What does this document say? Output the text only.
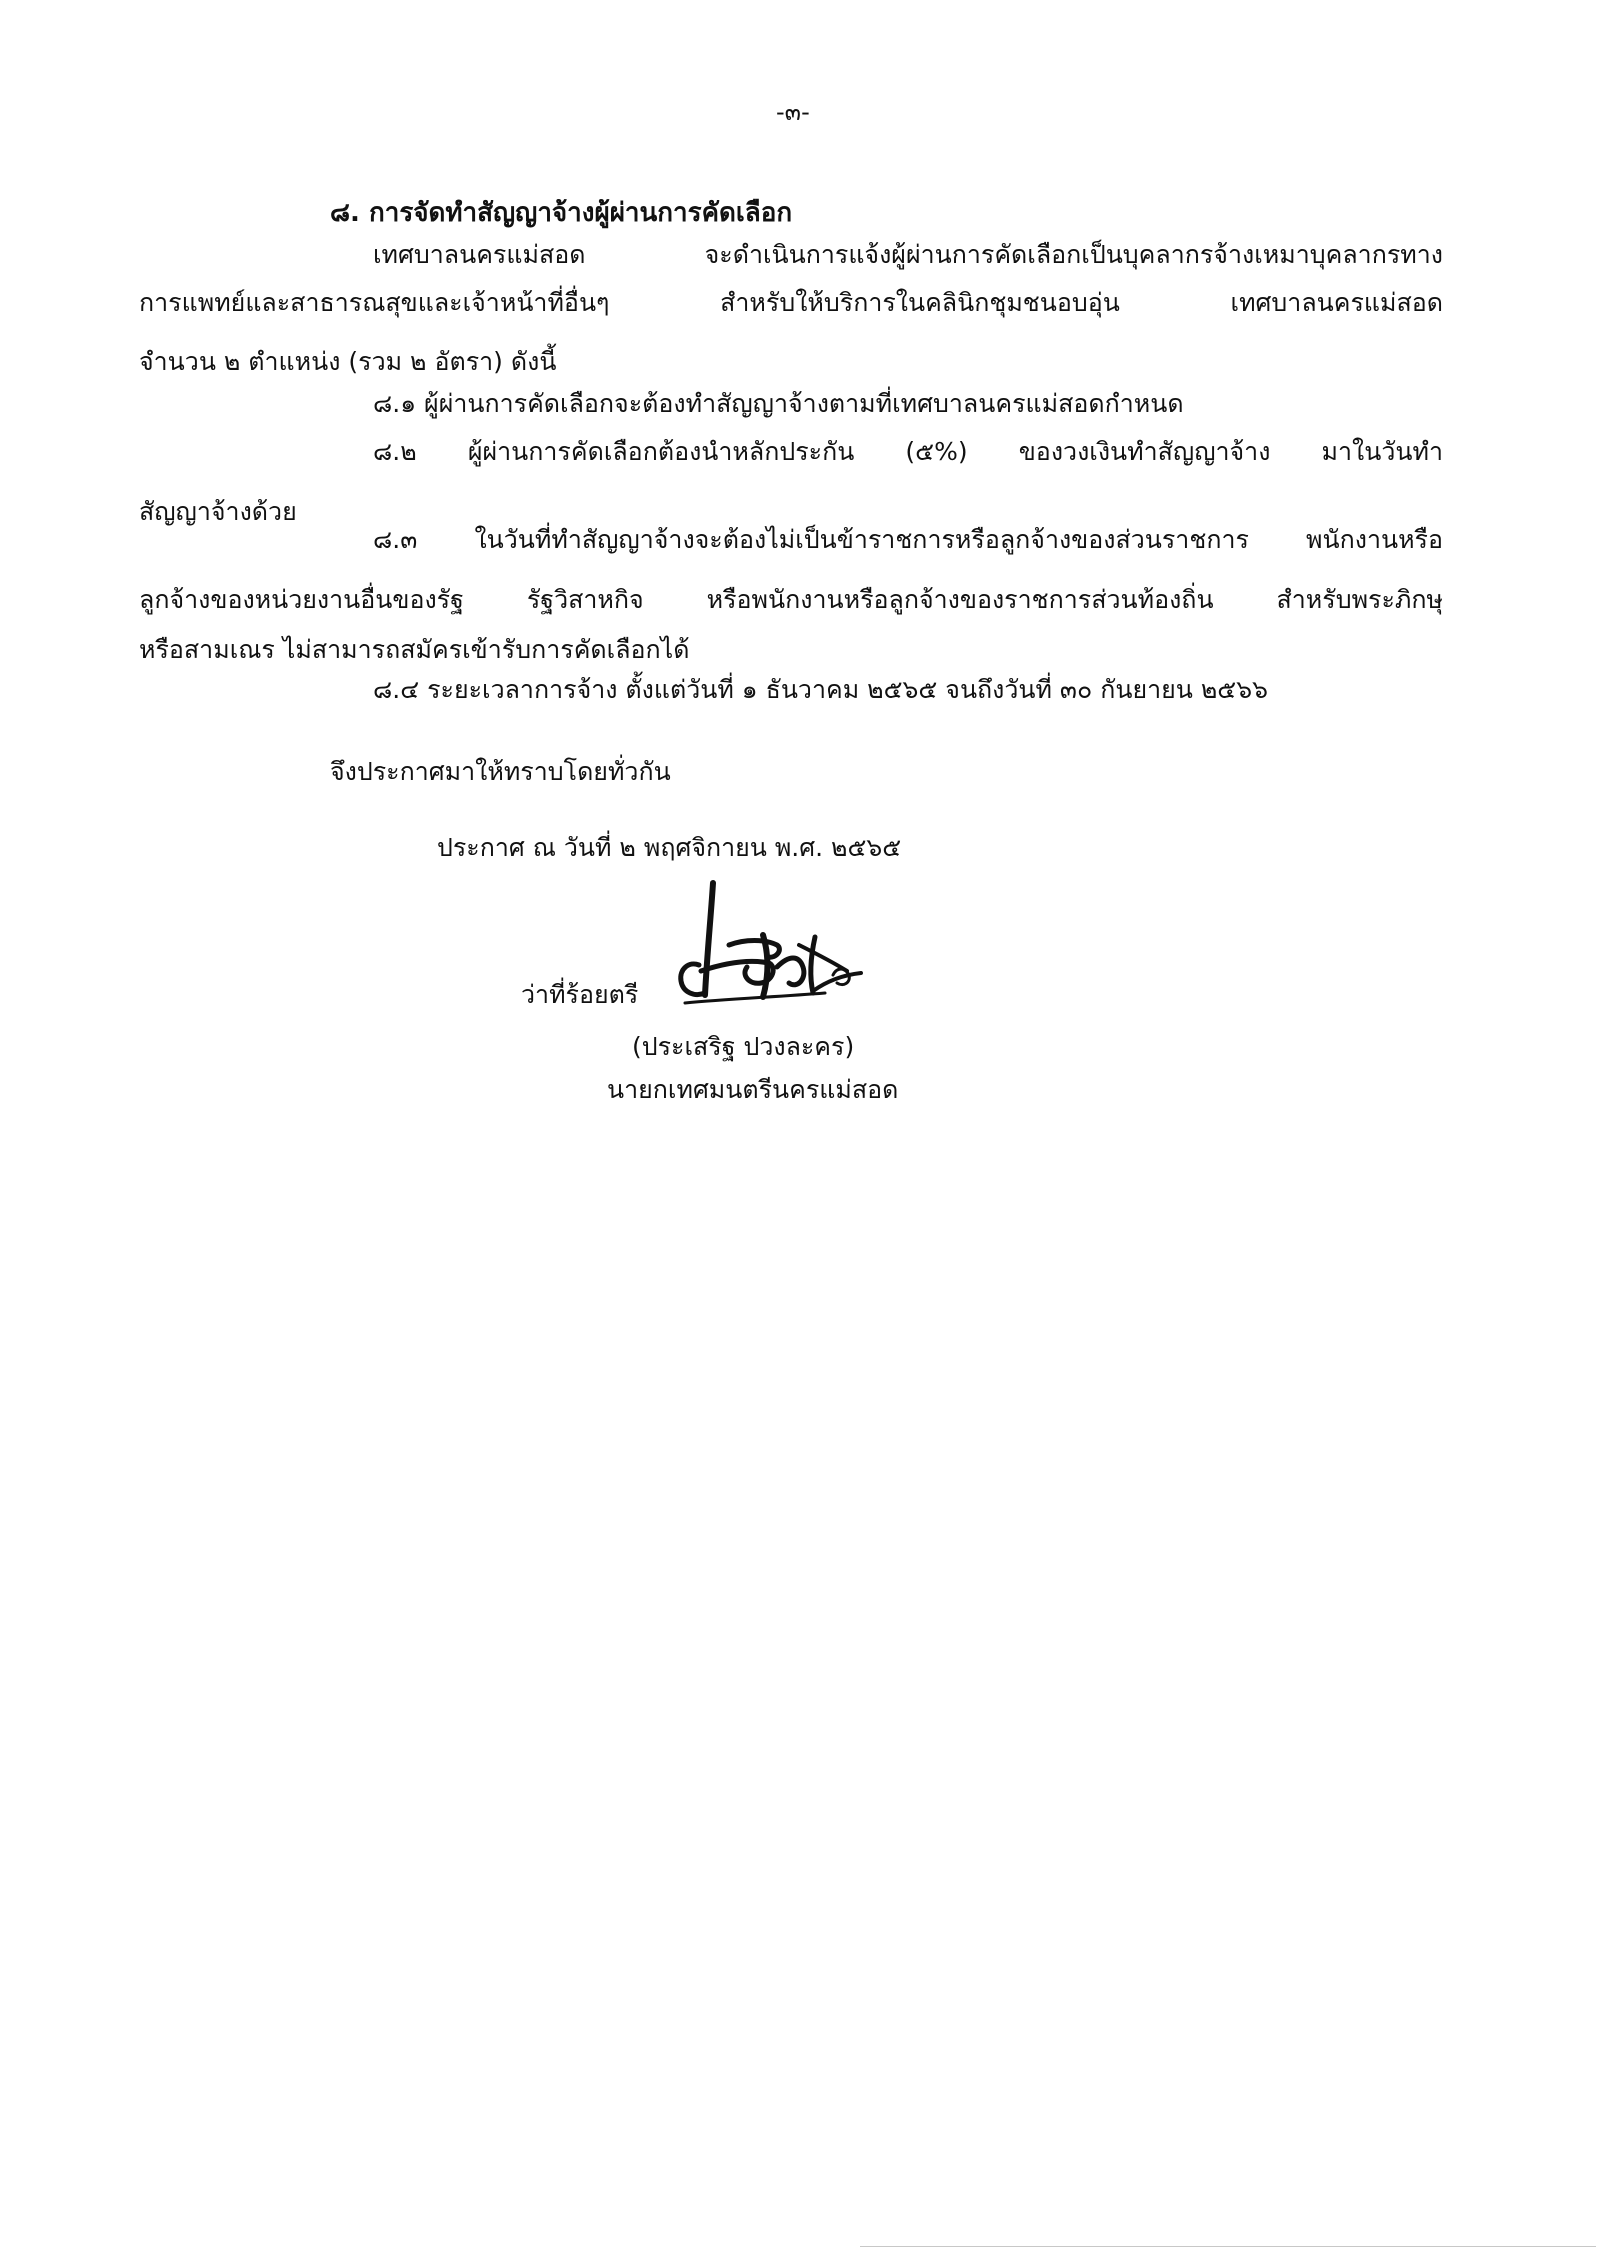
-๓-
๘. การจัดทำสัญญาจ้างผู้ผ่านการคัดเลือก
เทศบาลนครแม่สอด จะดำเนินการแจ้งผู้ผ่านการคัดเลือกเป็นบุคลากรจ้างเหมาบุคลากรทาง
การแพทย์และสาธารณสุขและเจ้าหน้าที่อื่นๆ สำหรับให้บริการในคลินิกชุมชนอบอุ่น เทศบาลนครแม่สอด
จำนวน ๒ ตำแหน่ง (รวม ๒ อัตรา) ดังนี้
๘.๑ ผู้ผ่านการคัดเลือกจะต้องทำสัญญาจ้างตามที่เทศบาลนครแม่สอดกำหนด
๘.๒ ผู้ผ่านการคัดเลือกต้องนำหลักประกัน (๕%) ของวงเงินทำสัญญาจ้าง มาในวันทำ
สัญญาจ้างด้วย
๘.๓ ในวันที่ทำสัญญาจ้างจะต้องไม่เป็นข้าราชการหรือลูกจ้างของส่วนราชการ พนักงานหรือ
ลูกจ้างของหน่วยงานอื่นของรัฐ รัฐวิสาหกิจ หรือพนักงานหรือลูกจ้างของราชการส่วนท้องถิ่น สำหรับพระภิกษุ
หรือสามเณร ไม่สามารถสมัครเข้ารับการคัดเลือกได้
๘.๔ ระยะเวลาการจ้าง ตั้งแต่วันที่ ๑ ธันวาคม ๒๕๖๕ จนถึงวันที่ ๓๐ กันยายน ๒๕๖๖
จึงประกาศมาให้ทราบโดยทั่วกัน
ประกาศ ณ วันที่ ๒ พฤศจิกายน พ.ศ. ๒๕๖๕
ว่าที่ร้อยตรี
(ประเสริฐ ปวงละคร)
นายกเทศมนตรีนครแม่สอด
